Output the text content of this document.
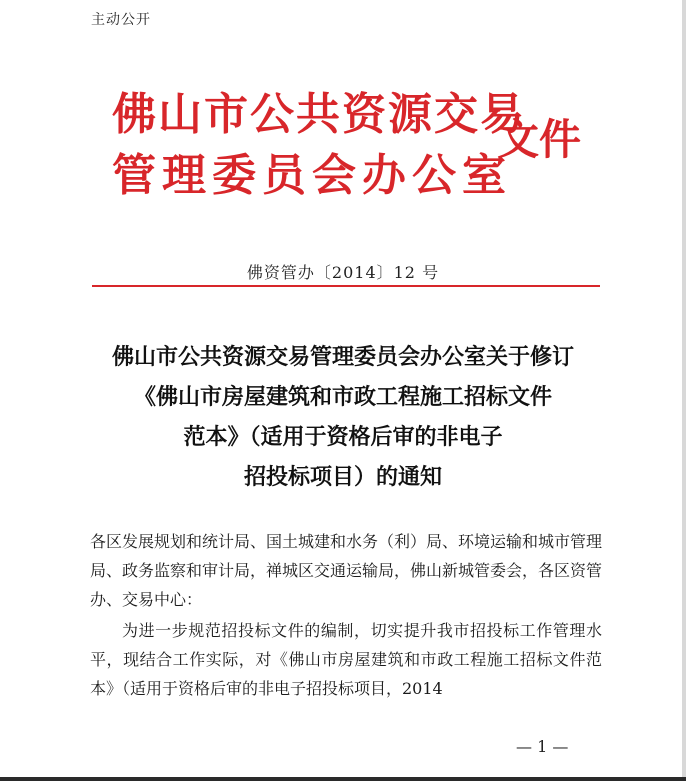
主动公开
佛山市公共资源交易
管理委员会办公室
文件
佛资管办〔2014〕12 号
佛山市公共资源交易管理委员会办公室关于修订
《佛山市房屋建筑和市政工程施工招标文件
范本》（适用于资格后审的非电子
招投标项目）的通知

各区发展规划和统计局、国土城建和水务（利）局、环境运输和城市管理局、政务监察和审计局，禅城区交通运输局，佛山新城管委会，各区资管办、交易中心：

为进一步规范招投标文件的编制，切实提升我市招投标工作管理水平，现结合工作实际，对《佛山市房屋建筑和市政工程施工招标文件范本》（适用于资格后审的非电子招投标项目，2014

— 1 —
